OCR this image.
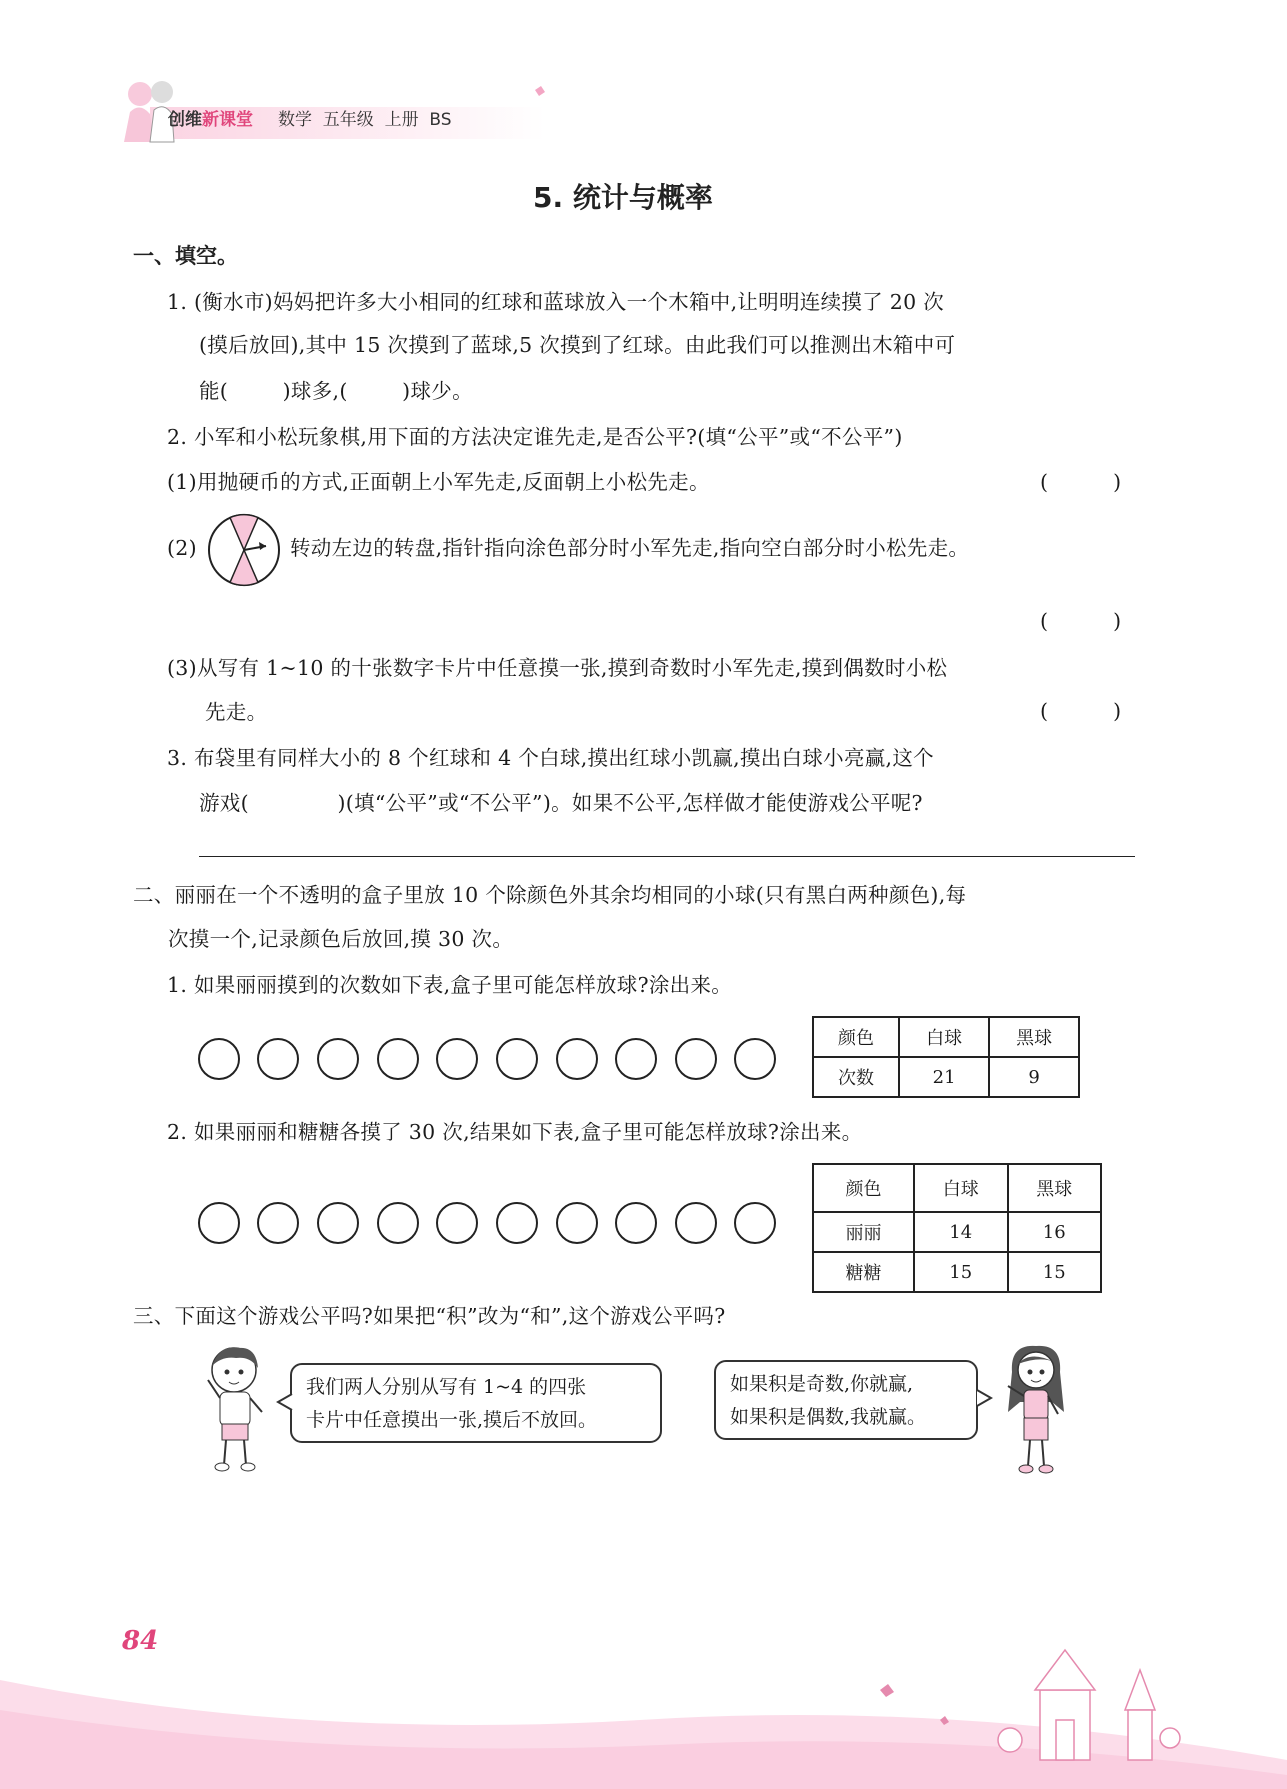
创维新课堂 数学  五年级  上册  BS
5. 统计与概率
一、填空。
1. (衡水市)妈妈把许多大小相同的红球和蓝球放入一个木箱中,让明明连续摸了 20 次
(摸后放回),其中 15 次摸到了蓝球,5 次摸到了红球。由此我们可以推测出木箱中可
能(        )球多,(        )球少。
2. 小军和小松玩象棋,用下面的方法决定谁先走,是否公平?(填“公平”或“不公平”)
(1)用抛硬币的方式,正面朝上小军先走,反面朝上小松先走。	(          )
(2)	转动左边的转盘,指针指向涂色部分时小军先走,指向空白部分时小松先走。
(          )
(3)从写有 1~10 的十张数字卡片中任意摸一张,摸到奇数时小军先走,摸到偶数时小松
先走。	(          )
3. 布袋里有同样大小的 8 个红球和 4 个白球,摸出红球小凯赢,摸出白球小亮赢,这个
游戏(             )(填“公平”或“不公平”)。如果不公平,怎样做才能使游戏公平呢?
二、丽丽在一个不透明的盒子里放 10 个除颜色外其余均相同的小球(只有黑白两种颜色),每
次摸一个,记录颜色后放回,摸 30 次。
1. 如果丽丽摸到的次数如下表,盒子里可能怎样放球?涂出来。
颜色	白球	黑球
次数	21	9
2. 如果丽丽和糖糖各摸了 30 次,结果如下表,盒子里可能怎样放球?涂出来。
颜色	白球	黑球
丽丽	14	16
糖糖	15	15
三、下面这个游戏公平吗?如果把“积”改为“和”,这个游戏公平吗?
我们两人分别从写有 1~4 的四张
卡片中任意摸出一张,摸后不放回。
如果积是奇数,你就赢,
如果积是偶数,我就赢。
84
